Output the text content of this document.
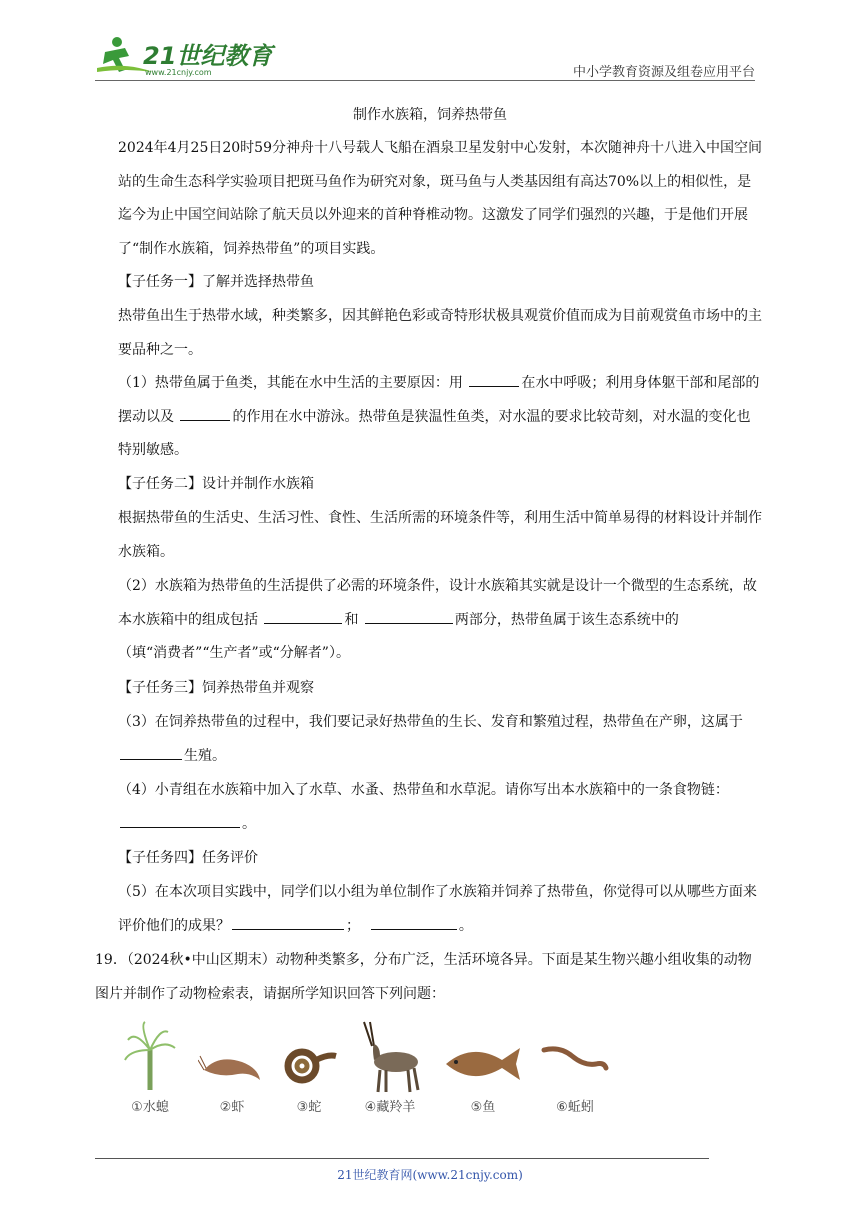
21世纪教育
www.21cnjy.com	中小学教育资源及组卷应用平台
制作水族箱，饲养热带鱼
2024年4月25日20时59分神舟十八号载人飞船在酒泉卫星发射中心发射，本次随神舟十八进入中国空间站的生命生态科学实验项目把斑马鱼作为研究对象，斑马鱼与人类基因组有高达70%以上的相似性，是迄今为止中国空间站除了航天员以外迎来的首种脊椎动物。这激发了同学们强烈的兴趣，于是他们开展了“制作水族箱，饲养热带鱼”的项目实践。
【子任务一】了解并选择热带鱼
热带鱼出生于热带水域，种类繁多，因其鲜艳色彩或奇特形状极具观赏价值而成为目前观赏鱼市场中的主要品种之一。
（1）热带鱼属于鱼类，其能在水中生活的主要原因：用	在水中呼吸；利用身体躯干部和尾部的摆动以及	的作用在水中游泳。热带鱼是狭温性鱼类，对水温的要求比较苛刻，对水温的变化也特别敏感。
【子任务二】设计并制作水族箱
根据热带鱼的生活史、生活习性、食性、生活所需的环境条件等，利用生活中简单易得的材料设计并制作水族箱。
（2）水族箱为热带鱼的生活提供了必需的环境条件，设计水族箱其实就是设计一个微型的生态系统，故本水族箱中的组成包括	和	两部分，热带鱼属于该生态系统中的
（填“消费者”“生产者”或“分解者”）。
【子任务三】饲养热带鱼并观察
（3）在饲养热带鱼的过程中，我们要记录好热带鱼的生长、发育和繁殖过程，热带鱼在产卵，这属于 生殖。
（4）小青组在水族箱中加入了水草、水蚤、热带鱼和水草泥。请你写出本水族箱中的一条食物链：。
【子任务四】任务评价
（5）在本次项目实践中，同学们以小组为单位制作了水族箱并饲养了热带鱼，你觉得可以从哪些方面来评价他们的成果？	；	。
19．（2024秋•中山区期末）动物种类繁多，分布广泛，生活环境各异。下面是某生物兴趣小组收集的动物图片并制作了动物检索表，请据所学知识回答下列问题：
①水螅	②虾	③蛇	④藏羚羊	⑤鱼	⑥蚯蚓
21世纪教育网(www.21cnjy.com)
